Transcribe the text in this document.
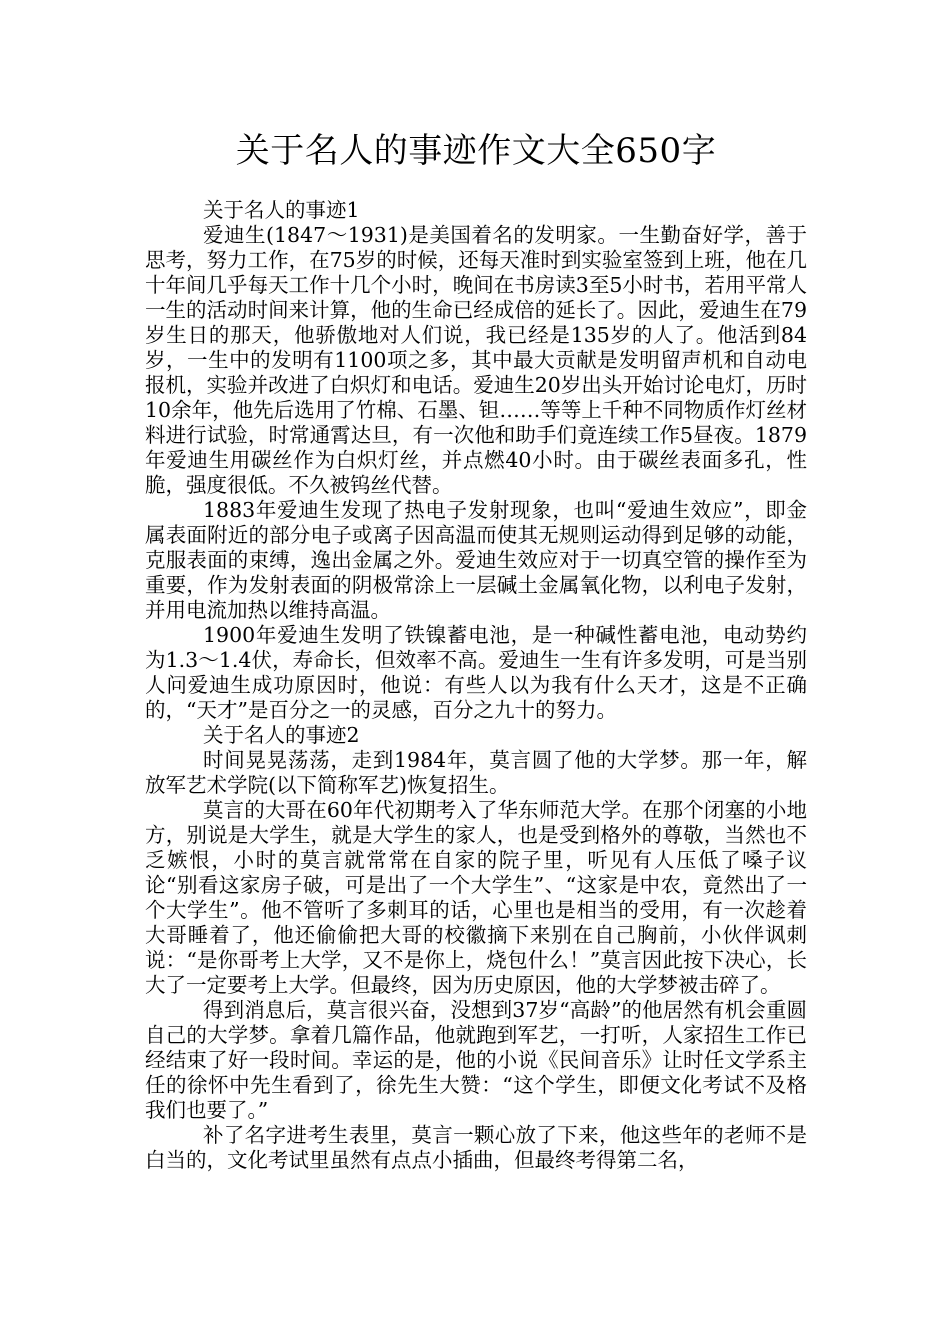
关于名人的事迹作文大全650字

关于名人的事迹1

爱迪生(1847～1931)是美国着名的发明家。一生勤奋好学，善于思考，努力工作，在75岁的时候，还每天准时到实验室签到上班，他在几十年间几乎每天工作十几个小时，晚间在书房读3至5小时书，若用平常人一生的活动时间来计算，他的生命已经成倍的延长了。因此，爱迪生在79岁生日的那天，他骄傲地对人们说，我已经是135岁的人了。他活到84岁，一生中的发明有1100项之多，其中最大贡献是发明留声机和自动电报机，实验并改进了白炽灯和电话。爱迪生20岁出头开始讨论电灯，历时10余年，他先后选用了竹棉、石墨、钽……等等上千种不同物质作灯丝材料进行试验，时常通霄达旦，有一次他和助手们竟连续工作5昼夜。1879年爱迪生用碳丝作为白炽灯丝，并点燃40小时。由于碳丝表面多孔，性脆，强度很低。不久被钨丝代替。

1883年爱迪生发现了热电子发射现象，也叫“爱迪生效应”，即金属表面附近的部分电子或离子因高温而使其无规则运动得到足够的动能，克服表面的束缚，逸出金属之外。爱迪生效应对于一切真空管的操作至为重要，作为发射表面的阴极常涂上一层碱土金属氧化物，以利电子发射，并用电流加热以维持高温。

1900年爱迪生发明了铁镍蓄电池，是一种碱性蓄电池，电动势约为1.3～1.4伏，寿命长，但效率不高。爱迪生一生有许多发明，可是当别人问爱迪生成功原因时，他说：有些人以为我有什么天才，这是不正确的，“天才”是百分之一的灵感，百分之九十的努力。

关于名人的事迹2

时间晃晃荡荡，走到1984年，莫言圆了他的大学梦。那一年，解放军艺术学院(以下简称军艺)恢复招生。

莫言的大哥在60年代初期考入了华东师范大学。在那个闭塞的小地方，别说是大学生，就是大学生的家人，也是受到格外的尊敬，当然也不乏嫉恨，小时的莫言就常常在自家的院子里，听见有人压低了嗓子议论“别看这家房子破，可是出了一个大学生”、“这家是中农，竟然出了一个大学生”。他不管听了多刺耳的话，心里也是相当的受用，有一次趁着大哥睡着了，他还偷偷把大哥的校徽摘下来别在自己胸前，小伙伴讽刺说：“是你哥考上大学，又不是你上，烧包什么！”莫言因此按下决心，长大了一定要考上大学。但最终，因为历史原因，他的大学梦被击碎了。

得到消息后，莫言很兴奋，没想到37岁“高龄”的他居然有机会重圆自己的大学梦。拿着几篇作品，他就跑到军艺，一打听，人家招生工作已经结束了好一段时间。幸运的是，他的小说《民间音乐》让时任文学系主任的徐怀中先生看到了，徐先生大赞：“这个学生，即便文化考试不及格我们也要了。”

补了名字进考生表里，莫言一颗心放了下来，他这些年的老师不是白当的，文化考试里虽然有点点小插曲，但最终考得第二名，
